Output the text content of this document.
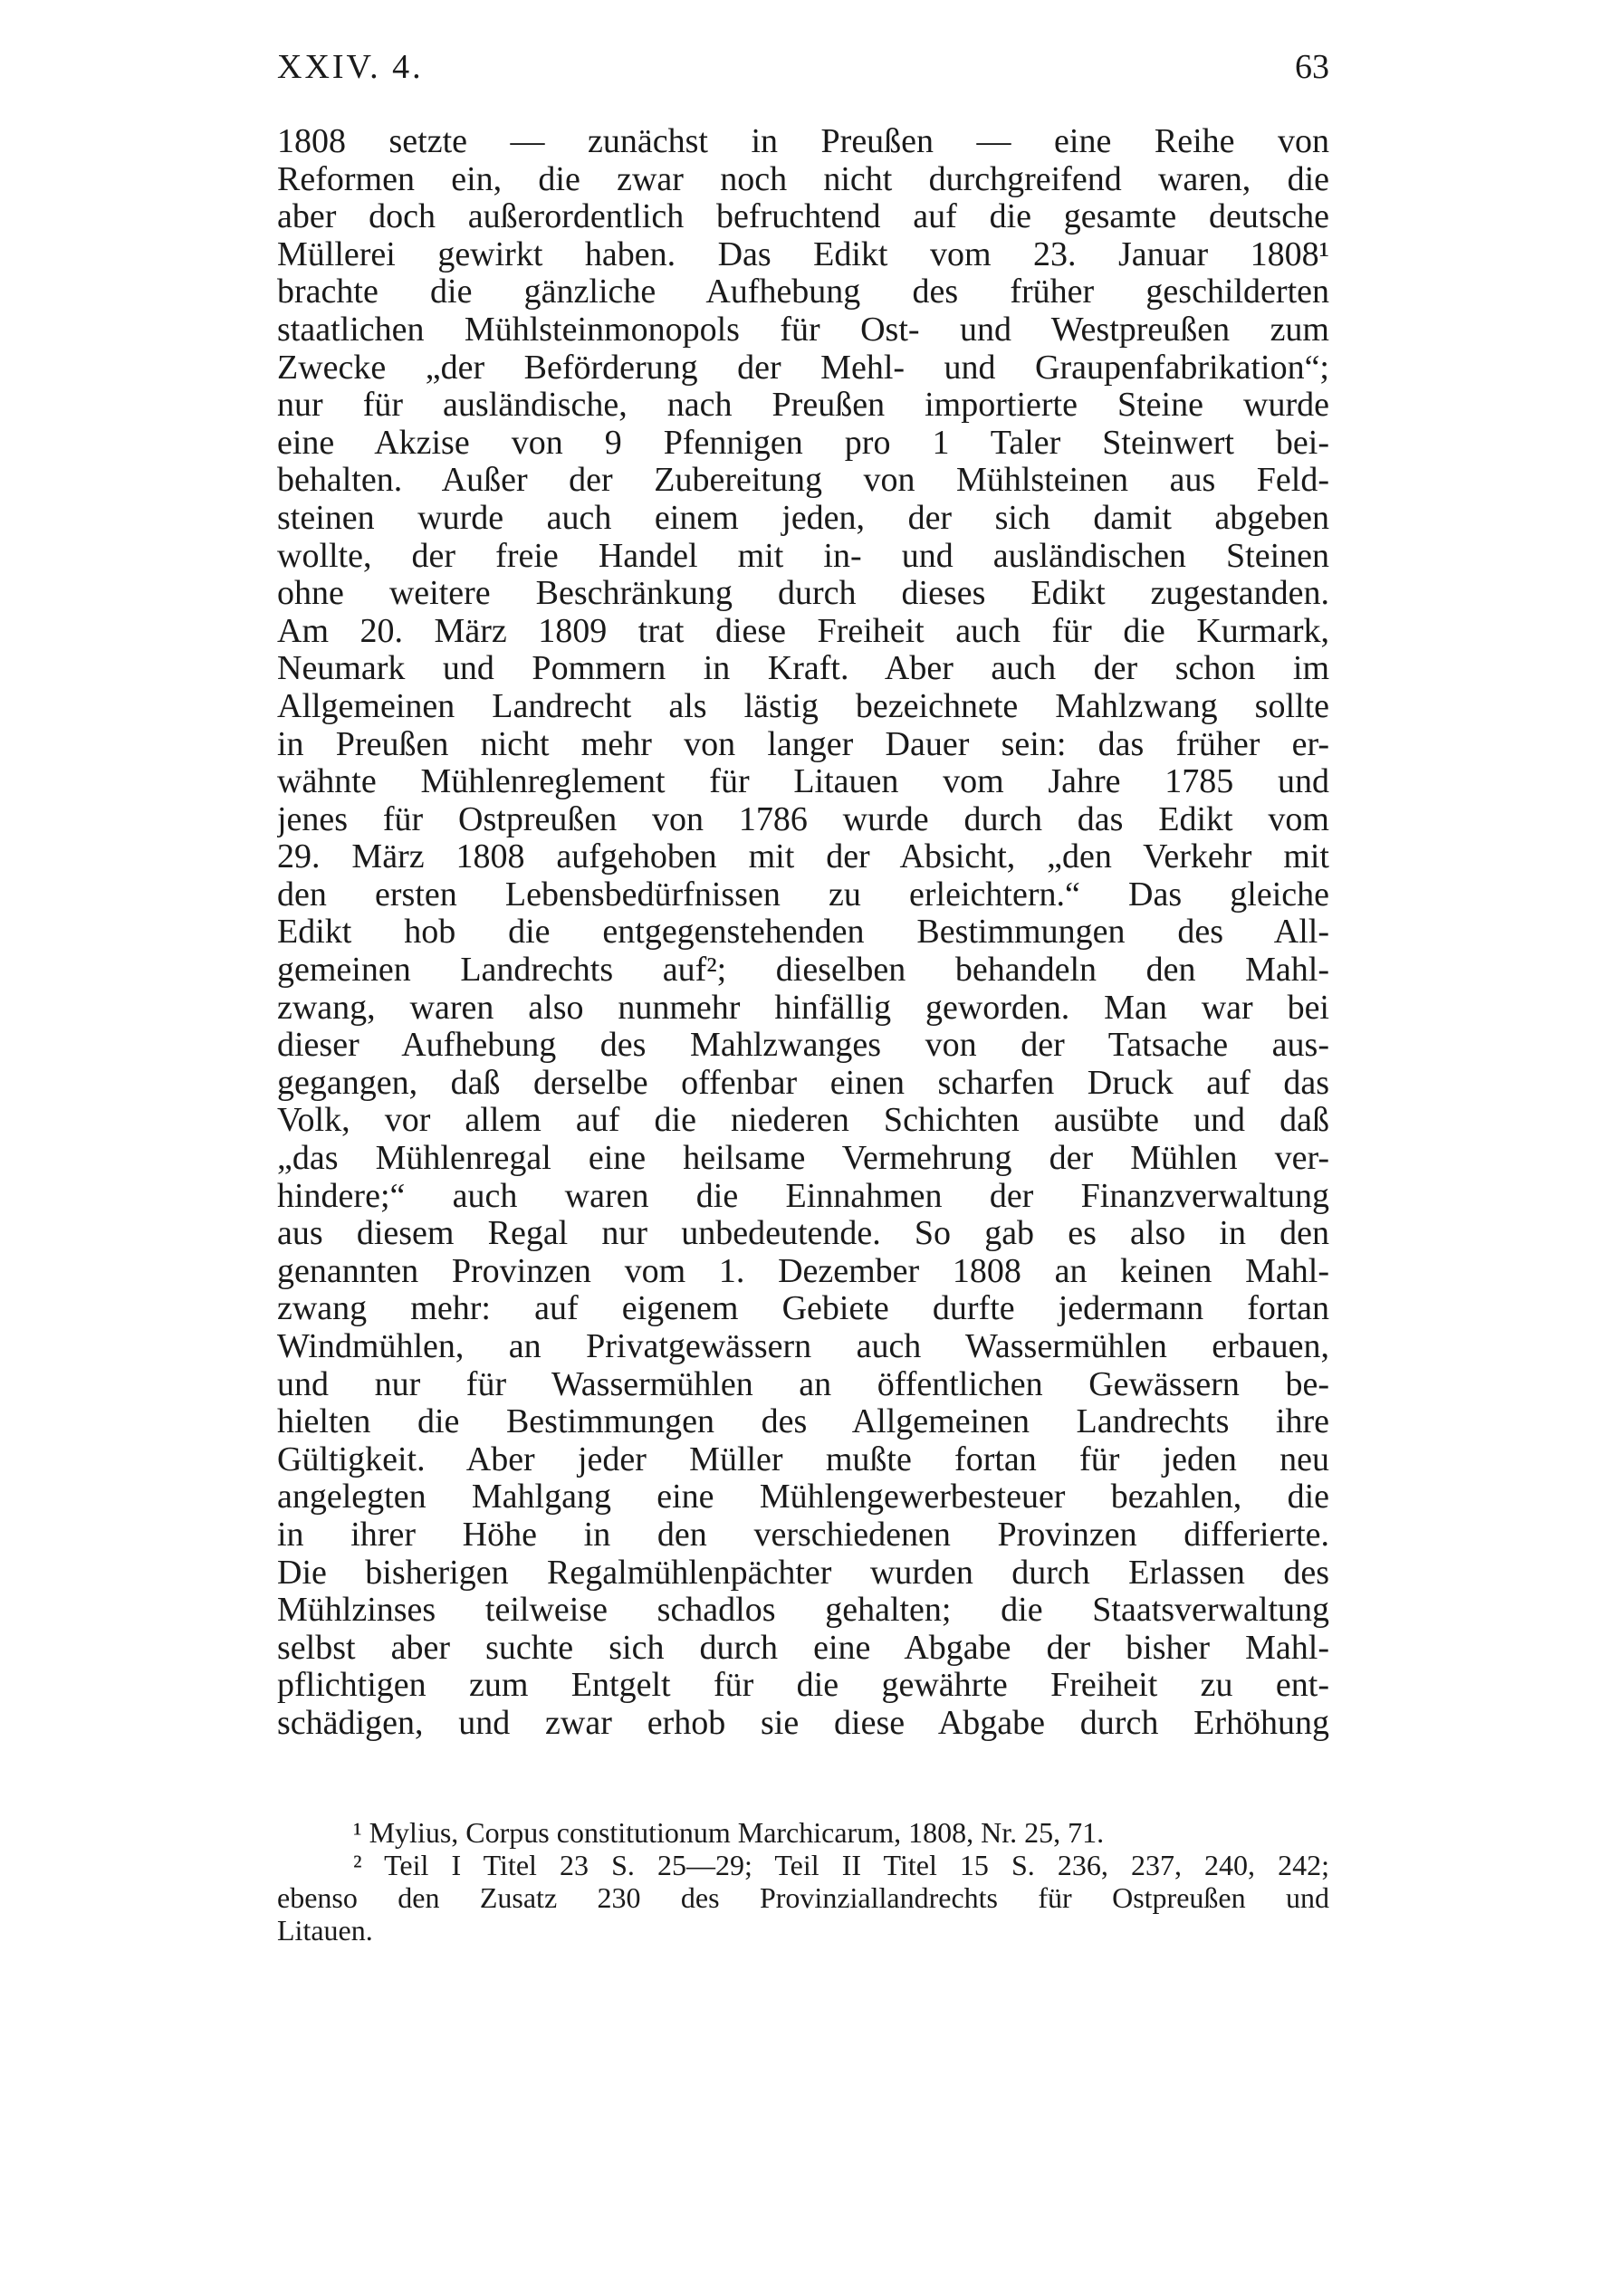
XXIV. 4.	63
1808 setzte — zunächst in Preußen — eine Reihe von
Reformen ein, die zwar noch nicht durchgreifend waren, die
aber doch außerordentlich befruchtend auf die gesamte deutsche
Müllerei gewirkt haben. Das Edikt vom 23. Januar 1808¹
brachte die gänzliche Aufhebung des früher geschilderten
staatlichen Mühlsteinmonopols für Ost- und Westpreußen zum
Zwecke „der Beförderung der Mehl- und Graupenfabrikation“;
nur für ausländische, nach Preußen importierte Steine wurde
eine Akzise von 9 Pfennigen pro 1 Taler Steinwert bei-
behalten. Außer der Zubereitung von Mühlsteinen aus Feld-
steinen wurde auch einem jeden, der sich damit abgeben
wollte, der freie Handel mit in- und ausländischen Steinen
ohne weitere Beschränkung durch dieses Edikt zugestanden.
Am 20. März 1809 trat diese Freiheit auch für die Kurmark,
Neumark und Pommern in Kraft. Aber auch der schon im
Allgemeinen Landrecht als lästig bezeichnete Mahlzwang sollte
in Preußen nicht mehr von langer Dauer sein: das früher er-
wähnte Mühlenreglement für Litauen vom Jahre 1785 und
jenes für Ostpreußen von 1786 wurde durch das Edikt vom
29. März 1808 aufgehoben mit der Absicht, „den Verkehr mit
den ersten Lebensbedürfnissen zu erleichtern.“ Das gleiche
Edikt hob die entgegenstehenden Bestimmungen des All-
gemeinen Landrechts auf²; dieselben behandeln den Mahl-
zwang, waren also nunmehr hinfällig geworden. Man war bei
dieser Aufhebung des Mahlzwanges von der Tatsache aus-
gegangen, daß derselbe offenbar einen scharfen Druck auf das
Volk, vor allem auf die niederen Schichten ausübte und daß
„das Mühlenregal eine heilsame Vermehrung der Mühlen ver-
hindere;“ auch waren die Einnahmen der Finanzverwaltung
aus diesem Regal nur unbedeutende. So gab es also in den
genannten Provinzen vom 1. Dezember 1808 an keinen Mahl-
zwang mehr: auf eigenem Gebiete durfte jedermann fortan
Windmühlen, an Privatgewässern auch Wassermühlen erbauen,
und nur für Wassermühlen an öffentlichen Gewässern be-
hielten die Bestimmungen des Allgemeinen Landrechts ihre
Gültigkeit. Aber jeder Müller mußte fortan für jeden neu
angelegten Mahlgang eine Mühlengewerbesteuer bezahlen, die
in ihrer Höhe in den verschiedenen Provinzen differierte.
Die bisherigen Regalmühlenpächter wurden durch Erlassen des
Mühlzinses teilweise schadlos gehalten; die Staatsverwaltung
selbst aber suchte sich durch eine Abgabe der bisher Mahl-
pflichtigen zum Entgelt für die gewährte Freiheit zu ent-
schädigen, und zwar erhob sie diese Abgabe durch Erhöhung
¹ Mylius, Corpus constitutionum Marchicarum, 1808, Nr. 25, 71.
² Teil I Titel 23 S. 25—29; Teil II Titel 15 S. 236, 237, 240, 242;
ebenso den Zusatz 230 des Provinziallandrechts für Ostpreußen und
Litauen.
